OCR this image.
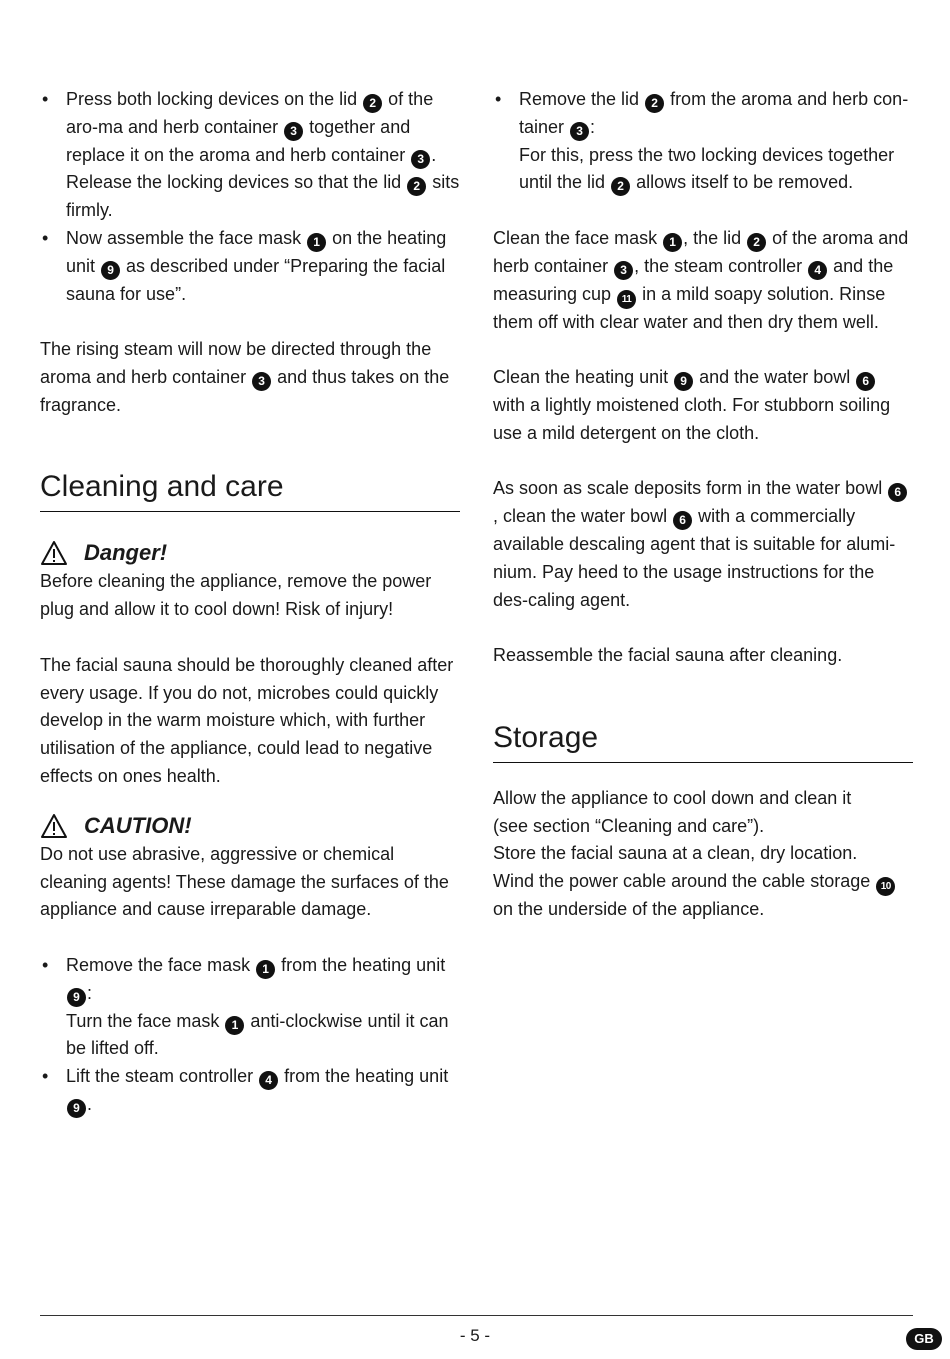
• Press both locking devices on the lid 2 of the aro-ma and herb container 3 together and replace it on the aroma and herb container 3 . Release the locking devices so that the lid 2 sits firmly.
• Now assemble the face mask 1 on the heating unit 9 as described under “Preparing the facial sauna for use”.

The rising steam will now be directed through the aroma and herb container 3 and thus takes on the fragrance.

Cleaning and care
Danger!

Before cleaning the appliance, remove the power plug and allow it to cool down! Risk of injury!

The facial sauna should be thoroughly cleaned after every usage. If you do not, microbes could quickly develop in the warm moisture which, with further utilisation of the appliance, could lead to negative effects on ones health.

CAUTION!

Do not use abrasive, aggressive or chemical cleaning agents! These damage the surfaces of the appliance and cause irreparable damage.

• Remove the face mask 1 from the heating unit 9 :
Turn the face mask 1 anti-clockwise until it can be lifted off.
• Lift the steam controller 4 from the heating unit 9 .
• Remove the lid 2 from the aroma and herb con-tainer 3 :
For this, press the two locking devices together until the lid 2 allows itself to be removed.

Clean the face mask 1 , the lid 2 of the aroma and herb container 3 , the steam controller 4 and the measuring cup 11 in a mild soapy solution. Rinse them off with clear water and then dry them well.

Clean the heating unit 9 and the water bowl 6 with a lightly moistened cloth. For stubborn soiling use a mild detergent on the cloth.

As soon as scale deposits form in the water bowl 6, clean the water bowl 6 with a commercially available descaling agent that is suitable for alumi-nium. Pay heed to the usage instructions for the des-caling agent.

Reassemble the facial sauna after cleaning.

Storage

Allow the appliance to cool down and clean it
(see section “Cleaning and care”).
Store the facial sauna at a clean, dry location.
Wind the power cable around the cable storage 10 on the underside of the appliance.

- 5 -	GB
